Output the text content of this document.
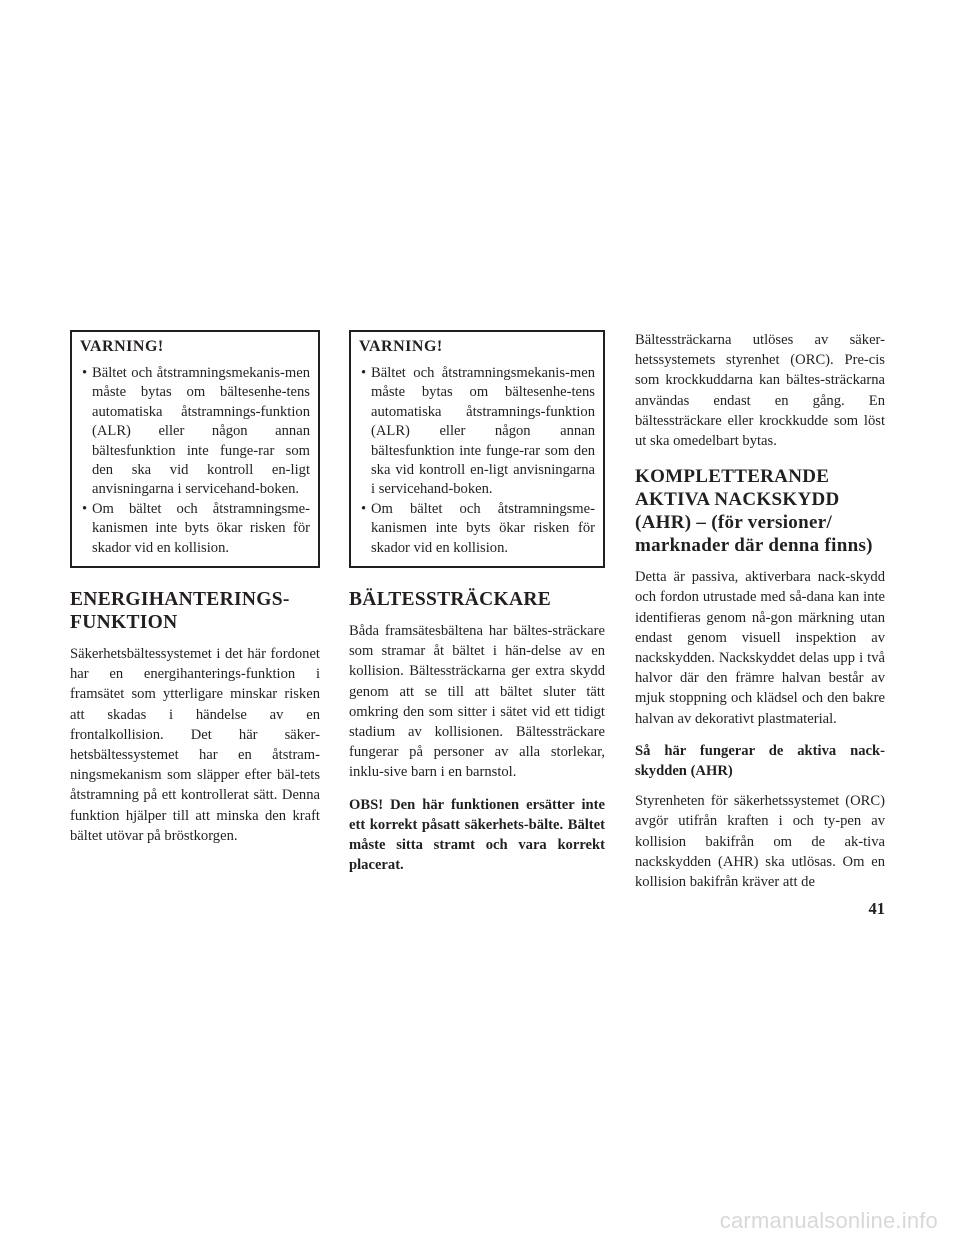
VARNING!
• Bältet och åtstramningsmekanis-men måste bytas om bältesenhe-tens automatiska åtstramnings-funktion (ALR) eller någon annan bältesfunktion inte funge-rar som den ska vid kontroll en-ligt anvisningarna i servicehand-boken.
• Om bältet och åtstramningsme-kanismen inte byts ökar risken för skador vid en kollision.
ENERGIHANTERINGS-FUNKTION

Säkerhetsbältessystemet i det här fordonet har en energihanterings-funktion i framsätet som ytterligare minskar risken att skadas i händelse av en frontalkollision. Det här säker-hetsbältessystemet har en åtstram-ningsmekanism som släpper efter bäl-tets åtstramning på ett kontrollerat sätt. Denna funktion hjälper till att minska den kraft bältet utövar på bröstkorgen.

VARNING!
• Bältet och åtstramningsmekanis-men måste bytas om bältesenhe-tens automatiska åtstramnings-funktion (ALR) eller någon annan bältesfunktion inte funge-rar som den ska vid kontroll en-ligt anvisningarna i servicehand-boken.
• Om bältet och åtstramningsme-kanismen inte byts ökar risken för skador vid en kollision.
BÄLTESSTRÄCKARE

Båda framsätesbältena har bältes-sträckare som stramar åt bältet i hän-delse av en kollision. Bältessträckarna ger extra skydd genom att se till att bältet sluter tätt omkring den som sitter i sätet vid ett tidigt stadium av kollisionen. Bältessträckare fungerar på personer av alla storlekar, inklu-sive barn i en barnstol.

OBS! Den här funktionen ersätter inte ett korrekt påsatt säkerhets-bälte. Bältet måste sitta stramt och vara korrekt placerat.

Bältessträckarna utlöses av säker-hetssystemets styrenhet (ORC). Pre-cis som krockkuddarna kan bältes-sträckarna användas endast en gång. En bältessträckare eller krockkudde som löst ut ska omedelbart bytas.

KOMPLETTERANDE AKTIVA NACKSKYDD (AHR) – (för versioner/ marknader där denna finns)

Detta är passiva, aktiverbara nack-skydd och fordon utrustade med så-dana kan inte identifieras genom nå-gon märkning utan endast genom visuell inspektion av nackskydden. Nackskyddet delas upp i två halvor där den främre halvan består av mjuk stoppning och klädsel och den bakre halvan av dekorativt plastmaterial.

Så här fungerar de aktiva nack-skydden (AHR)

Styrenheten för säkerhetssystemet (ORC) avgör utifrån kraften i och ty-pen av kollision bakifrån om de ak-tiva nackskydden (AHR) ska utlösas. Om en kollision bakifrån kräver att de

41
carmanualsonline.info
